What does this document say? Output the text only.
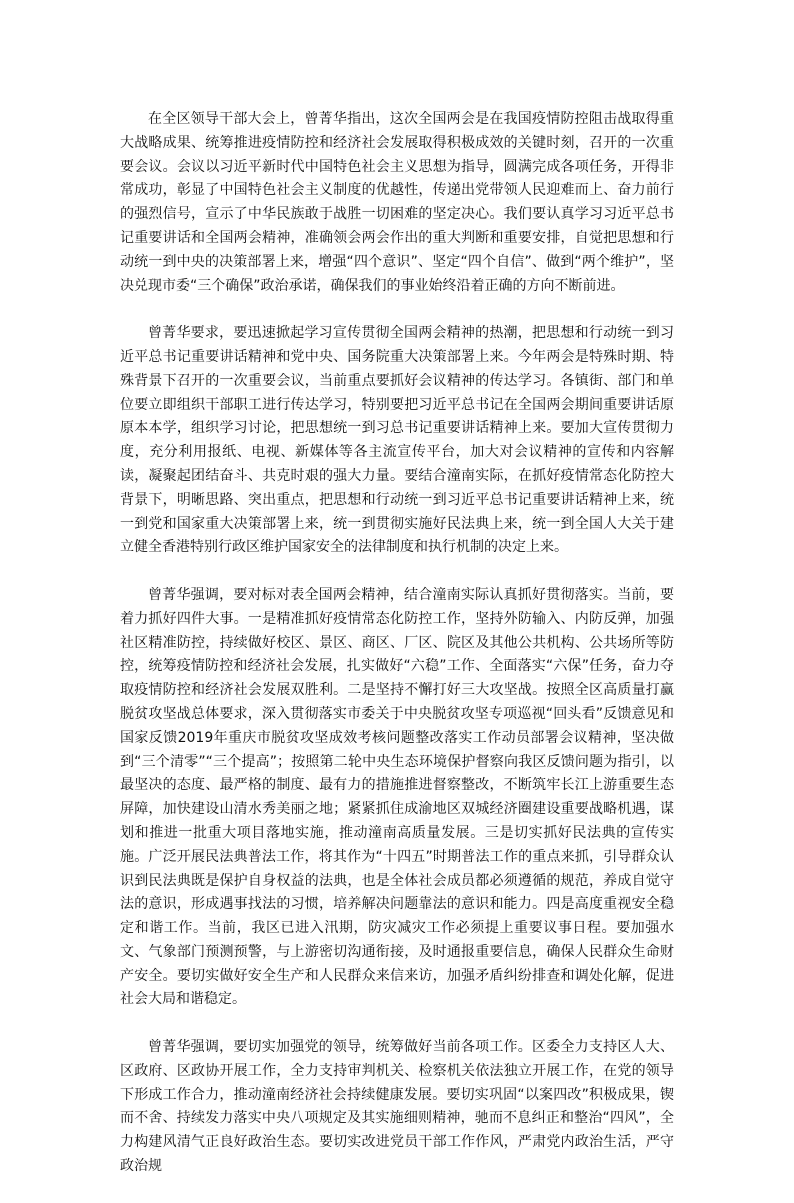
在全区领导干部大会上，曾菁华指出，这次全国两会是在我国疫情防控阻击战取得重大战略成果、统筹推进疫情防控和经济社会发展取得积极成效的关键时刻，召开的一次重要会议。会议以习近平新时代中国特色社会主义思想为指导，圆满完成各项任务，开得非常成功，彰显了中国特色社会主义制度的优越性，传递出党带领人民迎难而上、奋力前行的强烈信号，宣示了中华民族敢于战胜一切困难的坚定决心。我们要认真学习习近平总书记重要讲话和全国两会精神，准确领会两会作出的重大判断和重要安排，自觉把思想和行动统一到中央的决策部署上来，增强“四个意识”、坚定“四个自信”、做到“两个维护”，坚决兑现市委“三个确保”政治承诺，确保我们的事业始终沿着正确的方向不断前进。

曾菁华要求，要迅速掀起学习宣传贯彻全国两会精神的热潮，把思想和行动统一到习近平总书记重要讲话精神和党中央、国务院重大决策部署上来。今年两会是特殊时期、特殊背景下召开的一次重要会议，当前重点要抓好会议精神的传达学习。各镇街、部门和单位要立即组织干部职工进行传达学习，特别要把习近平总书记在全国两会期间重要讲话原原本本学，组织学习讨论，把思想统一到习总书记重要讲话精神上来。要加大宣传贯彻力度，充分利用报纸、电视、新媒体等各主流宣传平台，加大对会议精神的宣传和内容解读，凝聚起团结奋斗、共克时艰的强大力量。要结合潼南实际，在抓好疫情常态化防控大背景下，明晰思路、突出重点，把思想和行动统一到习近平总书记重要讲话精神上来，统一到党和国家重大决策部署上来，统一到贯彻实施好民法典上来，统一到全国人大关于建立健全香港特别行政区维护国家安全的法律制度和执行机制的决定上来。

曾菁华强调，要对标对表全国两会精神，结合潼南实际认真抓好贯彻落实。当前，要着力抓好四件大事。一是精准抓好疫情常态化防控工作，坚持外防输入、内防反弹，加强社区精准防控，持续做好校区、景区、商区、厂区、院区及其他公共机构、公共场所等防控，统筹疫情防控和经济社会发展，扎实做好“六稳”工作、全面落实“六保”任务，奋力夺取疫情防控和经济社会发展双胜利。二是坚持不懈打好三大攻坚战。按照全区高质量打赢脱贫攻坚战总体要求，深入贯彻落实市委关于中央脱贫攻坚专项巡视“回头看”反馈意见和国家反馈2019年重庆市脱贫攻坚成效考核问题整改落实工作动员部署会议精神，坚决做到“三个清零”“三个提高”；按照第二轮中央生态环境保护督察向我区反馈问题为指引，以最坚决的态度、最严格的制度、最有力的措施推进督察整改，不断筑牢长江上游重要生态屏障，加快建设山清水秀美丽之地；紧紧抓住成渝地区双城经济圈建设重要战略机遇，谋划和推进一批重大项目落地实施，推动潼南高质量发展。三是切实抓好民法典的宣传实施。广泛开展民法典普法工作，将其作为“十四五”时期普法工作的重点来抓，引导群众认识到民法典既是保护自身权益的法典，也是全体社会成员都必须遵循的规范，养成自觉守法的意识，形成遇事找法的习惯，培养解决问题靠法的意识和能力。四是高度重视安全稳定和谐工作。当前，我区已进入汛期，防灾减灾工作必须提上重要议事日程。要加强水文、气象部门预测预警，与上游密切沟通衔接，及时通报重要信息，确保人民群众生命财产安全。要切实做好安全生产和人民群众来信来访，加强矛盾纠纷排查和调处化解，促进社会大局和谐稳定。

曾菁华强调，要切实加强党的领导，统筹做好当前各项工作。区委全力支持区人大、区政府、区政协开展工作，全力支持审判机关、检察机关依法独立开展工作，在党的领导下形成工作合力，推动潼南经济社会持续健康发展。要切实巩固“以案四改”积极成果，锲而不舍、持续发力落实中央八项规定及其实施细则精神，驰而不息纠正和整治“四风”，全力构建风清气正良好政治生态。要切实改进党员干部工作作风，严肃党内政治生活，严守政治规
